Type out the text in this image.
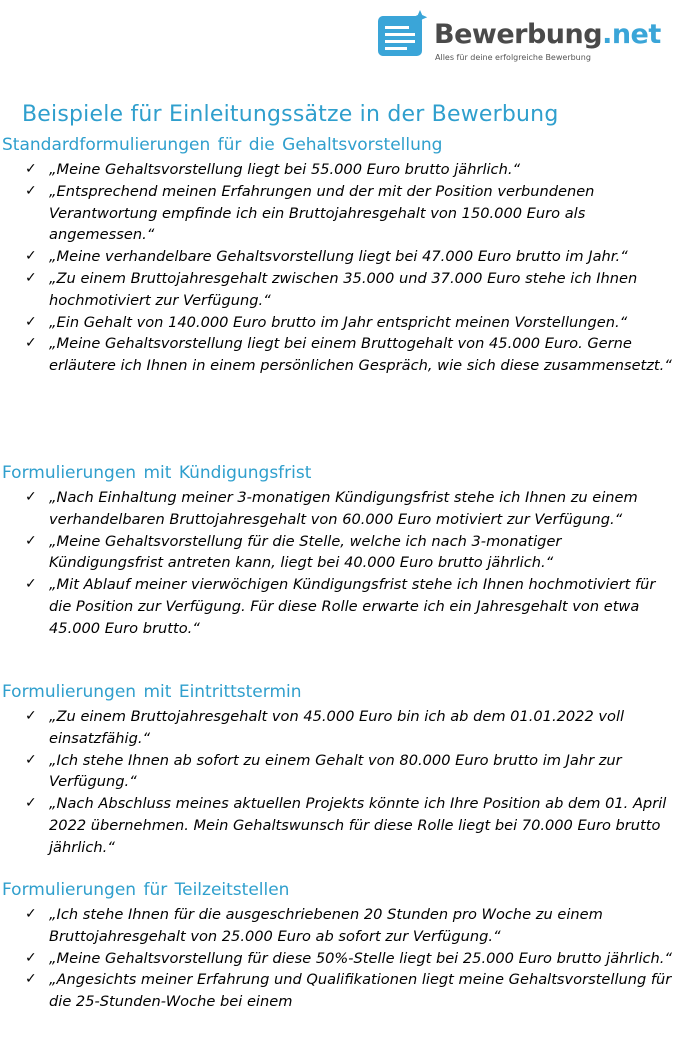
Bewerbung.net
Alles für deine erfolgreiche Bewerbung
Beispiele für Einleitungssätze in der Bewerbung
Standardformulierungen für die Gehaltsvorstellung
✓ „Meine Gehaltsvorstellung liegt bei 55.000 Euro brutto jährlich.“
✓ „Entsprechend meinen Erfahrungen und der mit der Position verbundenen Verantwortung empfinde ich ein Bruttojahresgehalt von 150.000 Euro als angemessen.“
✓ „Meine verhandelbare Gehaltsvorstellung liegt bei 47.000 Euro brutto im Jahr.“
✓ „Zu einem Bruttojahresgehalt zwischen 35.000 und 37.000 Euro stehe ich Ihnen hochmotiviert zur Verfügung.“
✓ „Ein Gehalt von 140.000 Euro brutto im Jahr entspricht meinen Vorstellungen.“
✓ „Meine Gehaltsvorstellung liegt bei einem Bruttogehalt von 45.000 Euro. Gerne erläutere ich Ihnen in einem persönlichen Gespräch, wie sich diese zusammensetzt.“
Formulierungen mit Kündigungsfrist
✓ „Nach Einhaltung meiner 3-monatigen Kündigungsfrist stehe ich Ihnen zu einem verhandelbaren Bruttojahresgehalt von 60.000 Euro motiviert zur Verfügung.“
✓ „Meine Gehaltsvorstellung für die Stelle, welche ich nach 3-monatiger Kündigungsfrist antreten kann, liegt bei 40.000 Euro brutto jährlich.“
✓ „Mit Ablauf meiner vierwöchigen Kündigungsfrist stehe ich Ihnen hochmotiviert für die Position zur Verfügung. Für diese Rolle erwarte ich ein Jahresgehalt von etwa 45.000 Euro brutto.“
Formulierungen mit Eintrittstermin
✓ „Zu einem Bruttojahresgehalt von 45.000 Euro bin ich ab dem 01.01.2022 voll einsatzfähig.“
✓ „Ich stehe Ihnen ab sofort zu einem Gehalt von 80.000 Euro brutto im Jahr zur Verfügung.“
✓ „Nach Abschluss meines aktuellen Projekts könnte ich Ihre Position ab dem 01. April 2022 übernehmen. Mein Gehaltswunsch für diese Rolle liegt bei 70.000 Euro brutto jährlich.“
Formulierungen für Teilzeitstellen
✓ „Ich stehe Ihnen für die ausgeschriebenen 20 Stunden pro Woche zu einem Bruttojahresgehalt von 25.000 Euro ab sofort zur Verfügung.“
✓ „Meine Gehaltsvorstellung für diese 50%-Stelle liegt bei 25.000 Euro brutto jährlich.“
✓ „Angesichts meiner Erfahrung und Qualifikationen liegt meine Gehaltsvorstellung für die 25-Stunden-Woche bei einem
